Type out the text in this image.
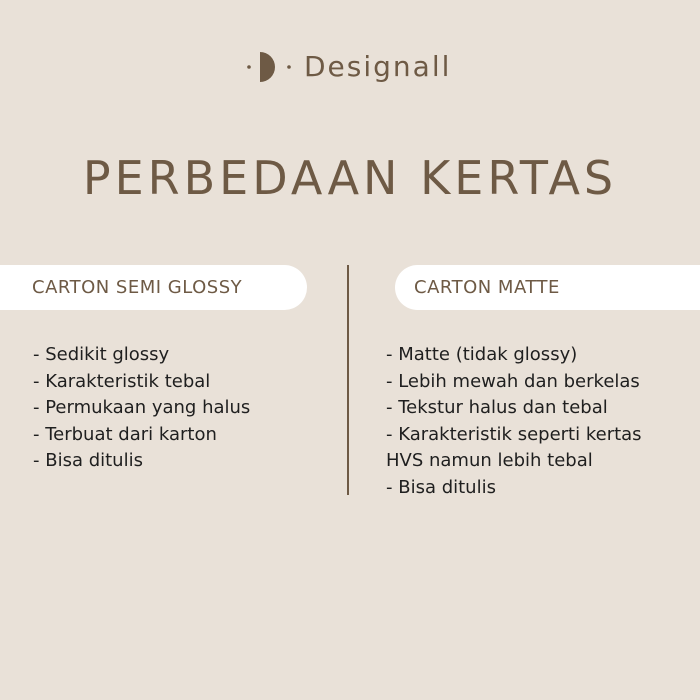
Designall
PERBEDAAN KERTAS
CARTON SEMI GLOSSY	CARTON MATTE
- Sedikit glossy
- Karakteristik tebal
- Permukaan yang halus
- Terbuat dari karton
- Bisa ditulis
- Matte (tidak glossy)
- Lebih mewah dan berkelas
- Tekstur halus dan tebal
- Karakteristik seperti kertas
HVS namun lebih tebal
- Bisa ditulis
